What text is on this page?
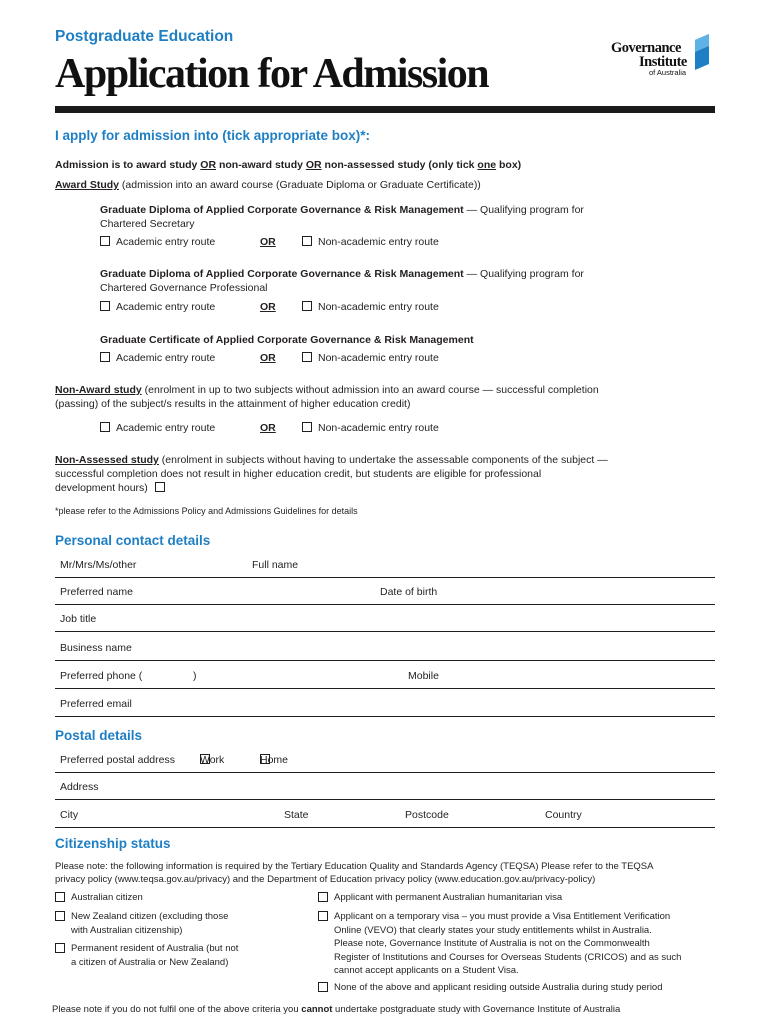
Postgraduate Education
Application for Admission
Governance
Institute
of Australia
I apply for admission into (tick appropriate box)*:
Admission is to award study OR non-award study OR non-assessed study (only tick one box)
Award Study (admission into an award course (Graduate Diploma or Graduate Certificate))
Graduate Diploma of Applied Corporate Governance & Risk Management — Qualifying program for
Chartered Secretary
Academic entry route	OR	Non-academic entry route
Graduate Diploma of Applied Corporate Governance & Risk Management — Qualifying program for
Chartered Governance Professional
Academic entry route	OR	Non-academic entry route
Graduate Certificate of Applied Corporate Governance & Risk Management
Academic entry route	OR	Non-academic entry route
Non-Award study (enrolment in up to two subjects without admission into an award course — successful completion
(passing) of the subject/s results in the attainment of higher education credit)
Academic entry route	OR	Non-academic entry route
Non-Assessed study (enrolment in subjects without having to undertake the assessable components of the subject —
successful completion does not result in higher education credit, but students are eligible for professional
development hours)
*please refer to the Admissions Policy and Admissions Guidelines for details
Personal contact details
Mr/Mrs/Ms/other	Full name
Preferred name	Date of birth
Job title
Business name
Preferred phone (	)	Mobile
Preferred email
Postal details
Preferred postal address Work	Home
Address
City	State	Postcode	Country
Citizenship status
Please note: the following information is required by the Tertiary Education Quality and Standards Agency (TEQSA) Please refer to the TEQSA
privacy policy (www.teqsa.gov.au/privacy) and the Department of Education privacy policy (www.education.gov.au/privacy-policy)
Australian citizen
New Zealand citizen (excluding those
with Australian citizenship)
Permanent resident of Australia (but not
a citizen of Australia or New Zealand)
Applicant with permanent Australian humanitarian visa
Applicant on a temporary visa – you must provide a Visa Entitlement Verification
Online (VEVO) that clearly states your study entitlements whilst in Australia.
Please note, Governance Institute of Australia is not on the Commonwealth
Register of Institutions and Courses for Overseas Students (CRICOS) and as such
cannot accept applicants on a Student Visa.
None of the above and applicant residing outside Australia during study period
Please note if you do not fulfil one of the above criteria you cannot undertake postgraduate study with Governance Institute of Australia
